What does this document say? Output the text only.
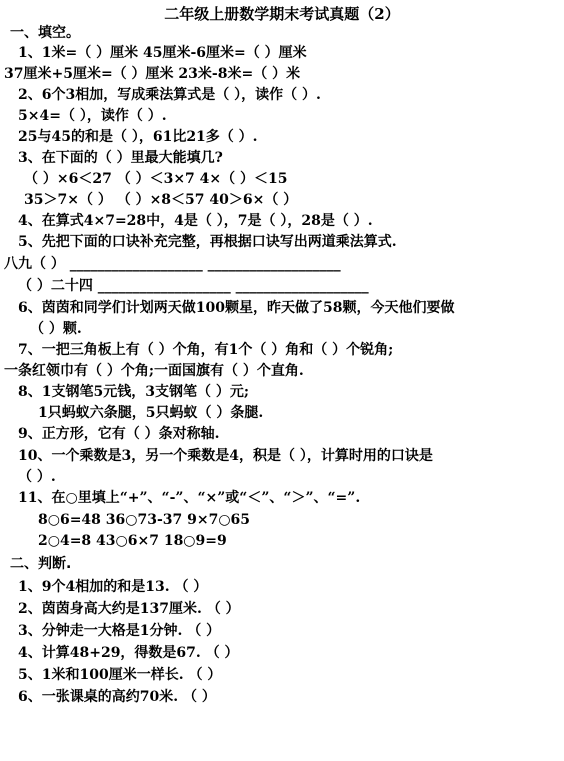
二年级上册数学期末考试真题（2）
一、填空。
1、1米=（ ）厘米 45厘米-6厘米=（ ）厘米
37厘米+5厘米=（ ）厘米 23米-8米=（ ）米
2、6个3相加，写成乘法算式是（ ），读作（ ）.
5×4=（ ），读作（ ）.
25与45的和是（ ），61比21多（ ）.
3、在下面的（ ）里最大能填几?
（ ）×6＜27 （ ）＜3×7 4×（ ）＜15
35＞7×（ ） （ ）×8＜57 40＞6×（ ）
4、在算式4×7=28中，4是（ ），7是（ ），28是（ ）.
5、先把下面的口诀补充完整，再根据口诀写出两道乘法算式.
八九（ ） ___________________ ___________________
（ ）二十四 ___________________ ___________________
6、茵茵和同学们计划两天做100颗星，昨天做了58颗，今天他们要做
（ ）颗.
7、一把三角板上有（ ）个角，有1个（ ）角和（ ）个锐角;
一条红领巾有（ ）个角;一面国旗有（ ）个直角.
8、1支钢笔5元钱，3支钢笔（ ）元;
1只蚂蚁六条腿，5只蚂蚁（ ）条腿.
9、正方形，它有（ ）条对称轴.
10、一个乘数是3，另一个乘数是4，积是（ ），计算时用的口诀是
（ ）.
11、在○里填上“+”、“-”、“×”或“＜”、“＞”、“=”.
8○6=48 36○73-37 9×7○65
2○4=8 43○6×7 18○9=9
二、判断.
1、9个4相加的和是13. （ ）
2、茵茵身高大约是137厘米. （ ）
3、分钟走一大格是1分钟. （ ）
4、计算48+29，得数是67. （ ）
5、1米和100厘米一样长. （ ）
6、一张课桌的高约70米. （ ）
